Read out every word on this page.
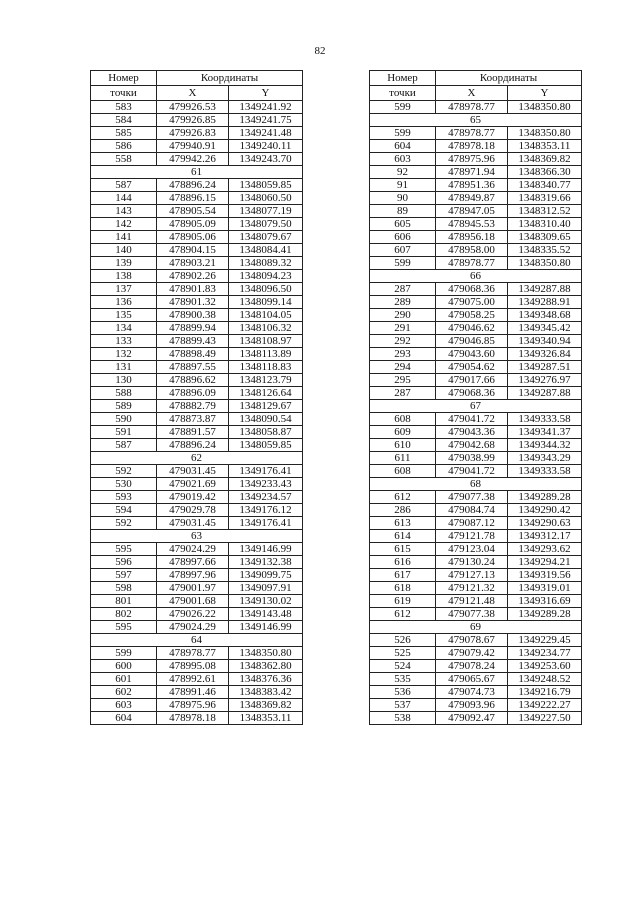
82
Номер	Координаты	
точки	X	Y
583	479926.53	1349241.92
584	479926.85	1349241.75
585	479926.83	1349241.48
586	479940.91	1349240.11
558	479942.26	1349243.70
61		
587	478896.24	1348059.85
144	478896.15	1348060.50
143	478905.54	1348077.19
142	478905.09	1348079.50
141	478905.06	1348079.67
140	478904.15	1348084.41
139	478903.21	1348089.32
138	478902.26	1348094.23
137	478901.83	1348096.50
136	478901.32	1348099.14
135	478900.38	1348104.05
134	478899.94	1348106.32
133	478899.43	1348108.97
132	478898.49	1348113.89
131	478897.55	1348118.83
130	478896.62	1348123.79
588	478896.09	1348126.64
589	478882.79	1348129.67
590	478873.87	1348090.54
591	478891.57	1348058.87
587	478896.24	1348059.85
62		
592	479031.45	1349176.41
530	479021.69	1349233.43
593	479019.42	1349234.57
594	479029.78	1349176.12
592	479031.45	1349176.41
63		
595	479024.29	1349146.99
596	478997.66	1349132.38
597	478997.96	1349099.75
598	479001.97	1349097.91
801	479001.68	1349130.02
802	479026.22	1349143.48
595	479024.29	1349146.99
64		
599	478978.77	1348350.80
600	478995.08	1348362.80
601	478992.61	1348376.36
602	478991.46	1348383.42
603	478975.96	1348369.82
604	478978.18	1348353.11
Номер	Координаты	
точки	X	Y
599	478978.77	1348350.80
65		
599	478978.77	1348350.80
604	478978.18	1348353.11
603	478975.96	1348369.82
92	478971.94	1348366.30
91	478951.36	1348340.77
90	478949.87	1348319.66
89	478947.05	1348312.52
605	478945.53	1348310.40
606	478956.18	1348309.65
607	478958.00	1348335.52
599	478978.77	1348350.80
66		
287	479068.36	1349287.88
289	479075.00	1349288.91
290	479058.25	1349348.68
291	479046.62	1349345.42
292	479046.85	1349340.94
293	479043.60	1349326.84
294	479054.62	1349287.51
295	479017.66	1349276.97
287	479068.36	1349287.88
67		
608	479041.72	1349333.58
609	479043.36	1349341.37
610	479042.68	1349344.32
611	479038.99	1349343.29
608	479041.72	1349333.58
68		
612	479077.38	1349289.28
286	479084.74	1349290.42
613	479087.12	1349290.63
614	479121.78	1349312.17
615	479123.04	1349293.62
616	479130.24	1349294.21
617	479127.13	1349319.56
618	479121.32	1349319.01
619	479121.48	1349316.69
612	479077.38	1349289.28
69		
526	479078.67	1349229.45
525	479079.42	1349234.77
524	479078.24	1349253.60
535	479065.67	1349248.52
536	479074.73	1349216.79
537	479093.96	1349222.27
538	479092.47	1349227.50
